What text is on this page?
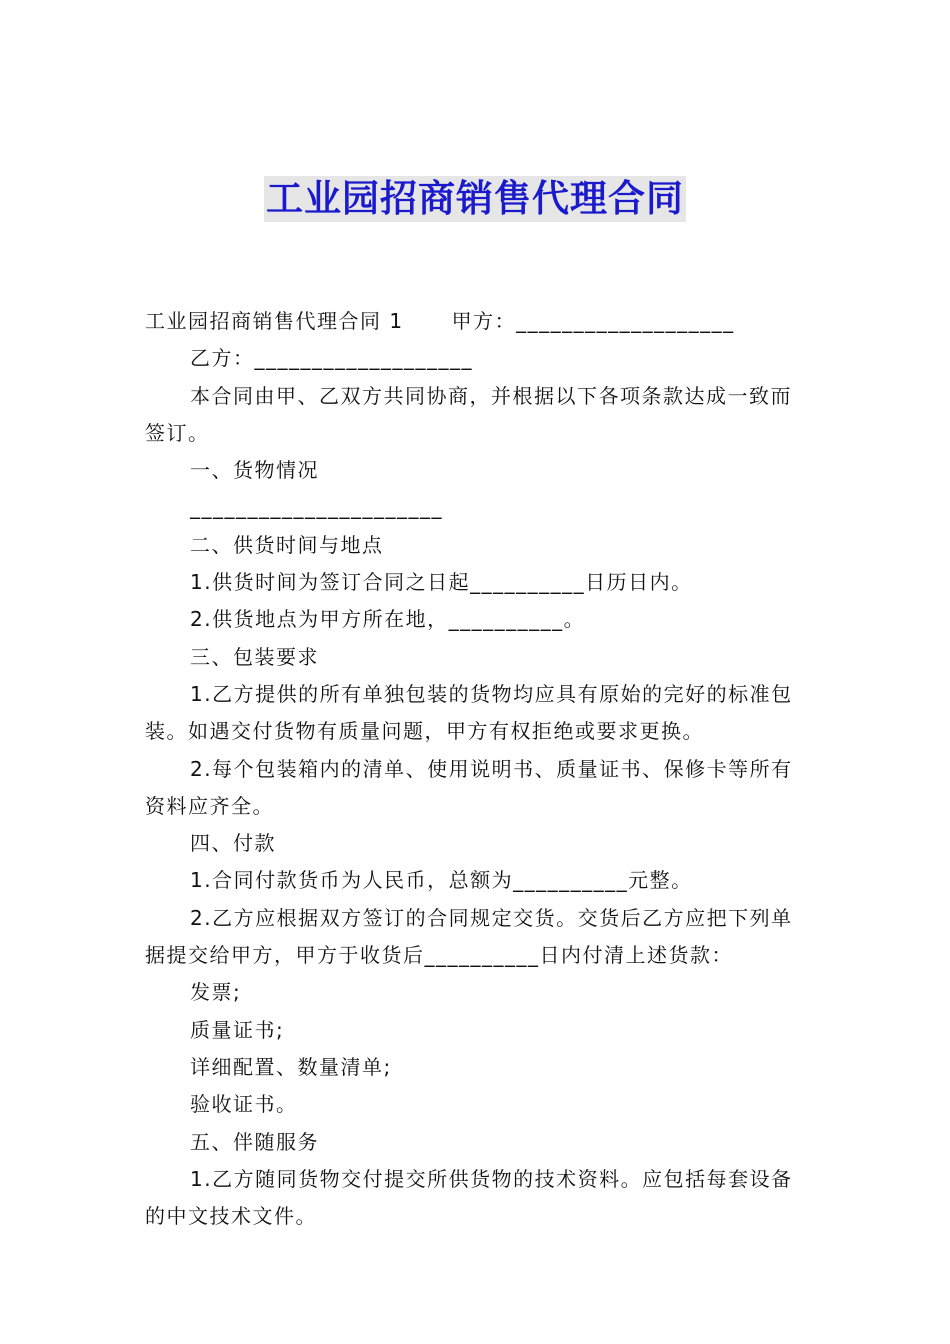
工业园招商销售代理合同

工业园招商销售代理合同 1 甲方：___________________

乙方：___________________

本合同由甲、乙双方共同协商，并根据以下各项条款达成一致而签订。

一、货物情况

______________________

二、供货时间与地点

1.供货时间为签订合同之日起__________日历日内。

2.供货地点为甲方所在地，__________。

三、包装要求

1.乙方提供的所有单独包装的货物均应具有原始的完好的标准包装。如遇交付货物有质量问题，甲方有权拒绝或要求更换。

2.每个包装箱内的清单、使用说明书、质量证书、保修卡等所有资料应齐全。

四、付款

1.合同付款货币为人民币，总额为__________元整。

2.乙方应根据双方签订的合同规定交货。交货后乙方应把下列单据提交给甲方，甲方于收货后__________日内付清上述货款：

发票;

质量证书;

详细配置、数量清单;

验收证书。

五、伴随服务

1.乙方随同货物交付提交所供货物的技术资料。应包括每套设备的中文技术文件。
